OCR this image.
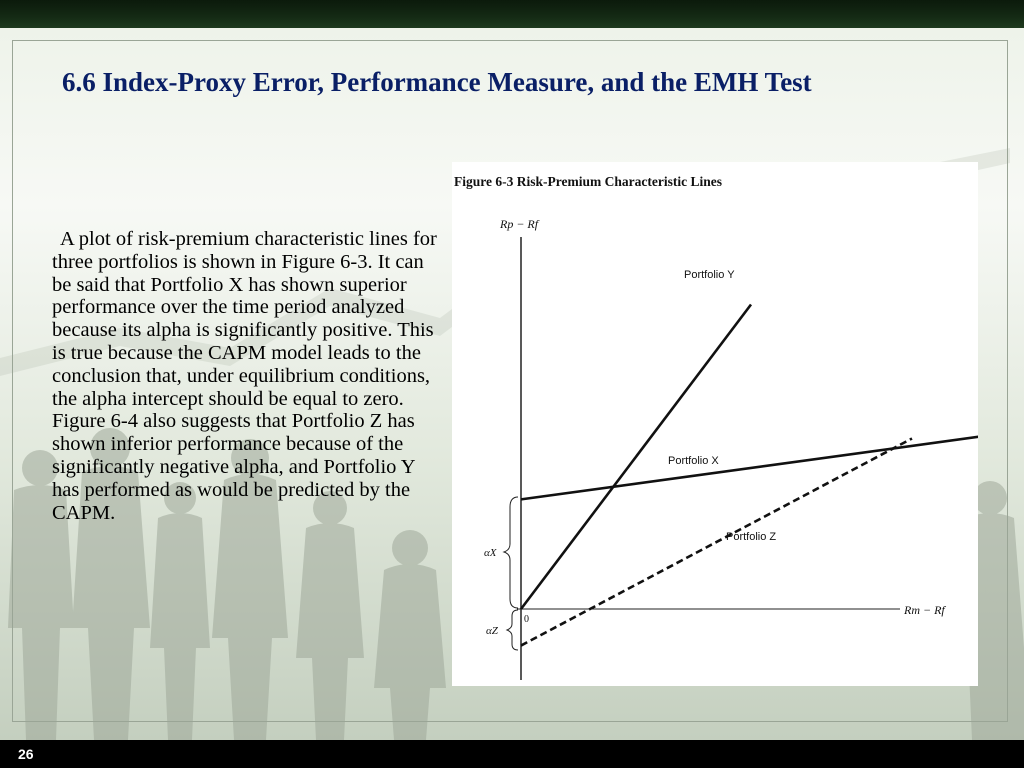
6.6 Index-Proxy Error, Performance Measure, and the EMH Test
A plot of risk-premium characteristic lines for three portfolios is shown in Figure 6-3. It can be said that Portfolio X has shown superior performance over the time period analyzed because its alpha is significantly positive. This is true because the CAPM model leads to the conclusion that, under equilibrium conditions, the alpha intercept should be equal to zero. Figure 6-4 also suggests that Portfolio Z has shown inferior performance because of the significantly negative alpha, and Portfolio Y has performed as would be predicted by the CAPM.
Figure 6-3 Risk-Premium Characteristic Lines
Rp − Rf
Rm − Rf
0
αX
αZ
Portfolio Y
Portfolio X
Portfolio Z
26
